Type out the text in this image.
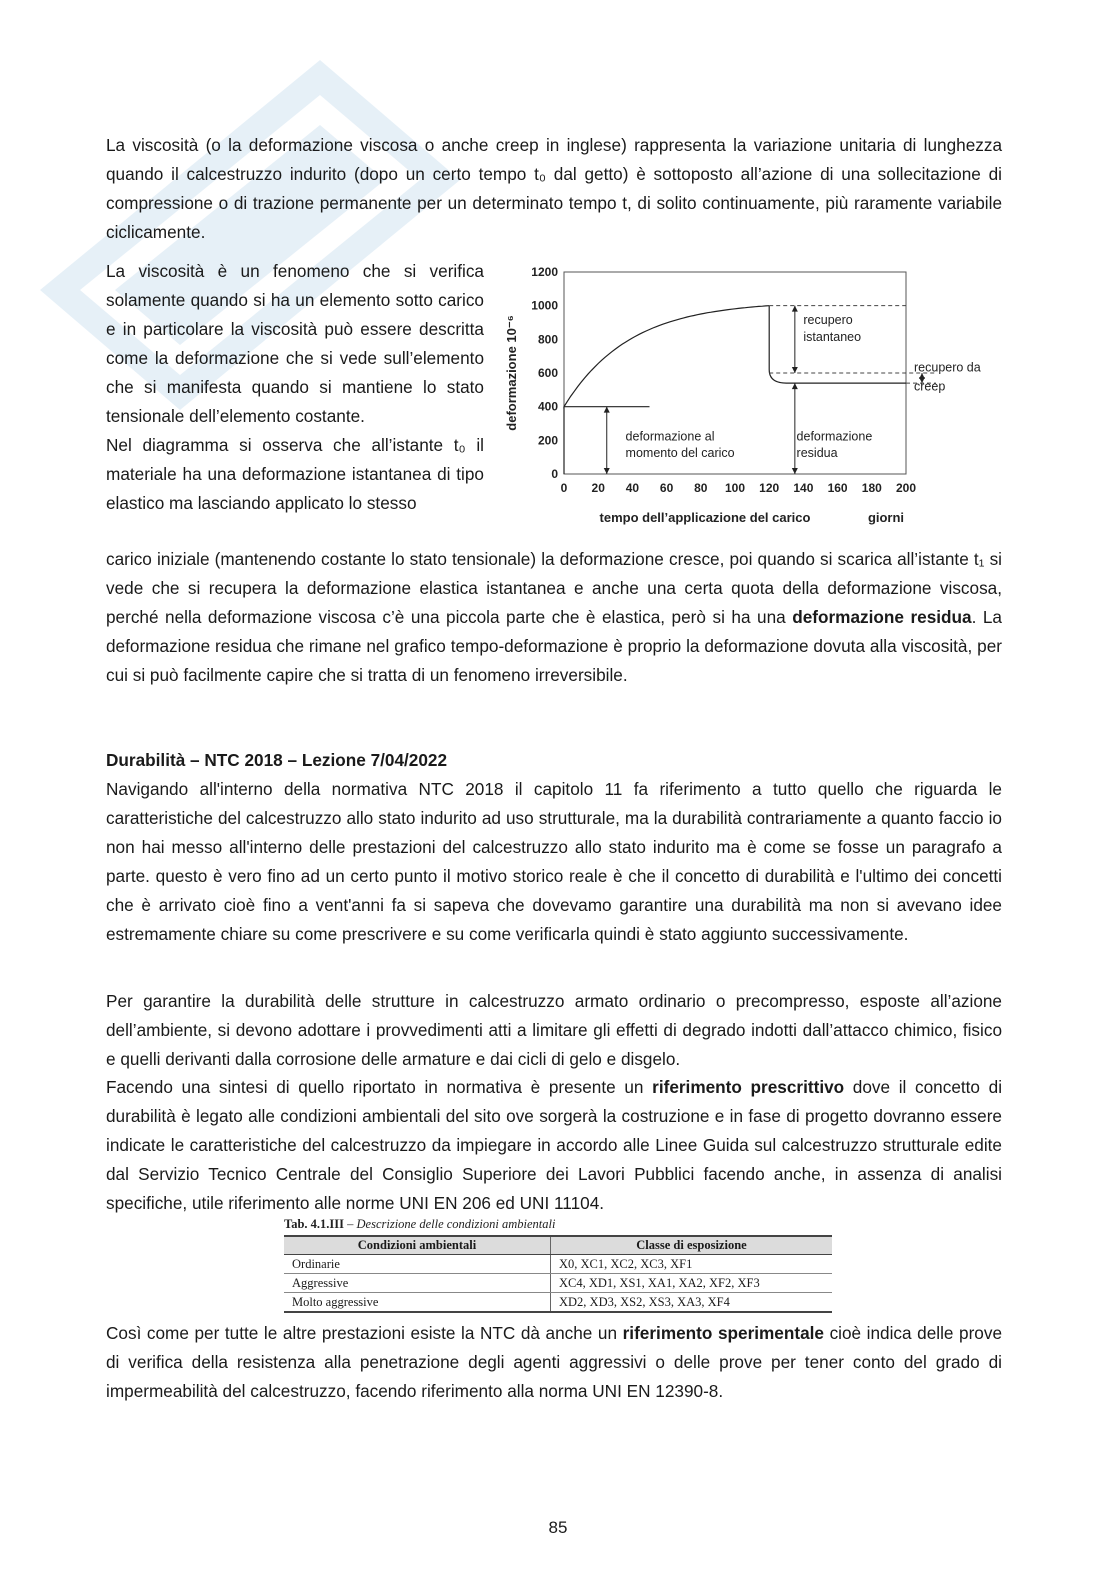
La viscosità (o la deformazione viscosa o anche creep in inglese) rappresenta la variazione unitaria di lunghezza quando il calcestruzzo indurito (dopo un certo tempo t₀ dal getto) è sottoposto all’azione di una sollecitazione di compressione o di trazione permanente per un determinato tempo t, di solito continuamente, più raramente variabile ciclicamente.

La viscosità è un fenomeno che si verifica solamente quando si ha un elemento sotto carico e in particolare la viscosità può essere descritta come la deformazione che si vede sull’elemento che si manifesta quando si mantiene lo stato tensionale dell’elemento costante.

Nel diagramma si osserva che all’istante t₀ il materiale ha una deformazione istantanea di tipo elastico ma lasciando applicato lo stesso

0
200
400
600
800
1000
1200
0 20 40 60 80 100 120 140 160 180 200
tempo dell’applicazione del carico	giorni
deformazione 10⁻⁶	recupero
istantaneo
recupero da
creep
deformazione al
momento del carico
deformazione
residua

carico iniziale (mantenendo costante lo stato tensionale) la deformazione cresce, poi quando si scarica all’istante t₁ si vede che si recupera la deformazione elastica istantanea e anche una certa quota della deformazione viscosa, perché nella deformazione viscosa c’è una piccola parte che è elastica, però si ha una deformazione residua. La deformazione residua che rimane nel grafico tempo-deformazione è proprio la deformazione dovuta alla viscosità, per cui si può facilmente capire che si tratta di un fenomeno irreversibile.

Durabilità – NTC 2018 – Lezione 7/04/2022

Navigando all'interno della normativa NTC 2018 il capitolo 11 fa riferimento a tutto quello che riguarda le caratteristiche del calcestruzzo allo stato indurito ad uso strutturale, ma la durabilità contrariamente a quanto faccio io non hai messo all'interno delle prestazioni del calcestruzzo allo stato indurito ma è come se fosse un paragrafo a parte. questo è vero fino ad un certo punto il motivo storico reale è che il concetto di durabilità e l'ultimo dei concetti che è arrivato cioè fino a vent'anni fa si sapeva che dovevamo garantire una durabilità ma non si avevano idee estremamente chiare su come prescrivere e su come verificarla quindi è stato aggiunto successivamente.

Per garantire la durabilità delle strutture in calcestruzzo armato ordinario o precompresso, esposte all’azione dell’ambiente, si devono adottare i provvedimenti atti a limitare gli effetti di degrado indotti dall’attacco chimico, fisico e quelli derivanti dalla corrosione delle armature e dai cicli di gelo e disgelo.

Facendo una sintesi di quello riportato in normativa è presente un riferimento prescrittivo dove il concetto di durabilità è legato alle condizioni ambientali del sito ove sorgerà la costruzione e in fase di progetto dovranno essere indicate le caratteristiche del calcestruzzo da impiegare in accordo alle Linee Guida sul calcestruzzo strutturale edite dal Servizio Tecnico Centrale del Consiglio Superiore dei Lavori Pubblici facendo anche, in assenza di analisi specifiche, utile riferimento alle norme UNI EN 206 ed UNI 11104.

Tab. 4.1.III – Descrizione delle condizioni ambientali
Condizioni ambientali	Classe di esposizione
Ordinarie	X0, XC1, XC2, XC3, XF1
Aggressive	XC4, XD1, XS1, XA1, XA2, XF2, XF3
Molto aggressive	XD2, XD3, XS2, XS3, XA3, XF4

Così come per tutte le altre prestazioni esiste la NTC dà anche un riferimento sperimentale cioè indica delle prove di verifica della resistenza alla penetrazione degli agenti aggressivi o delle prove per tener conto del grado di impermeabilità del calcestruzzo, facendo riferimento alla norma UNI EN 12390-8.

85
